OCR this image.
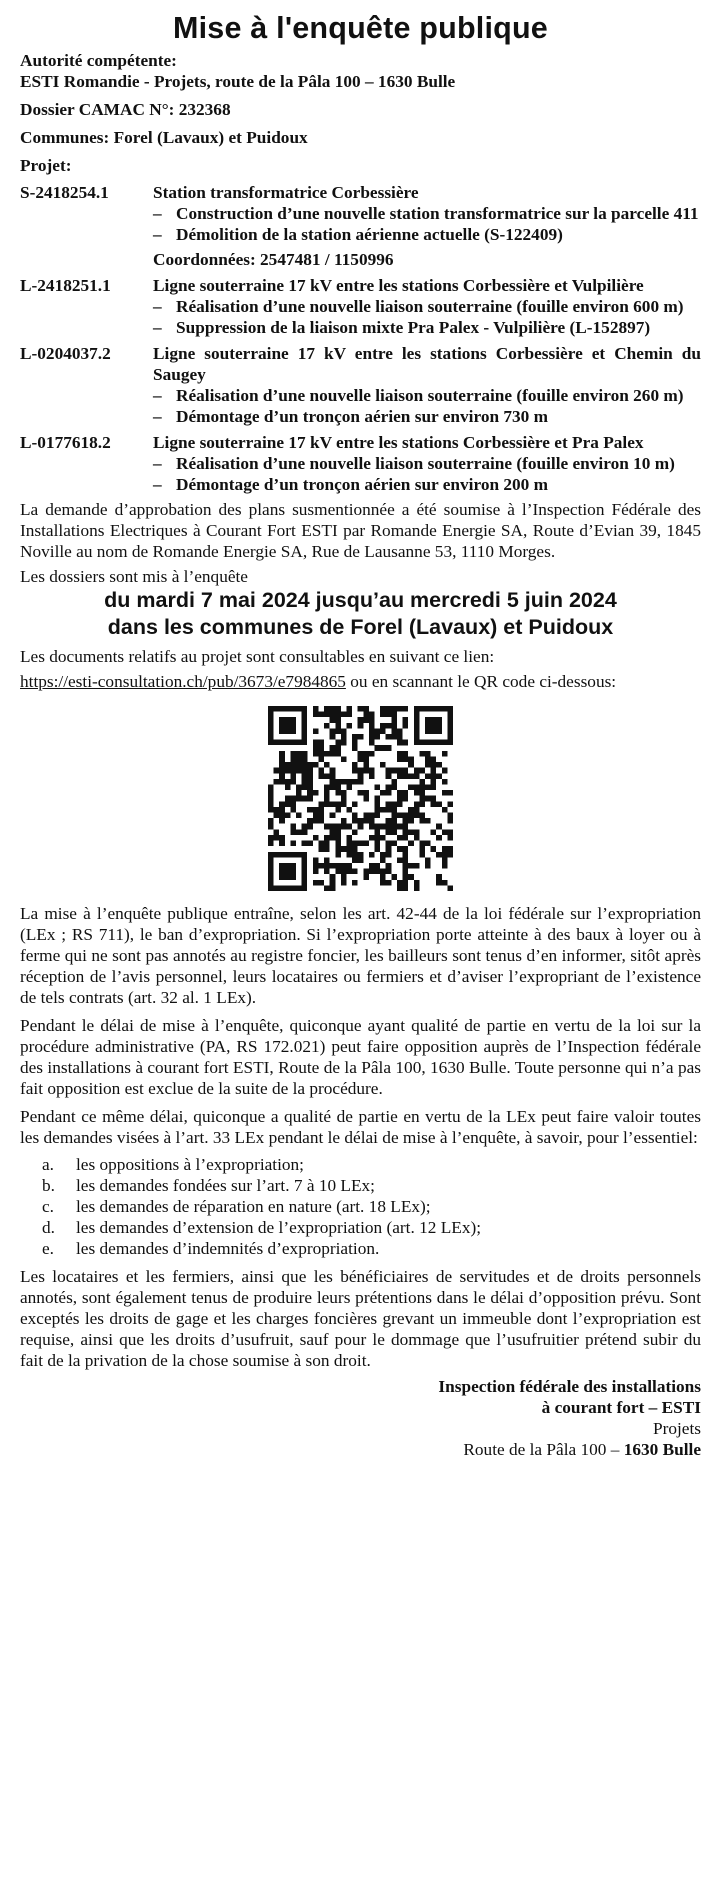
Mise à l'enquête publique
Autorité compétente:
ESTI Romandie - Projets, route de la Pâla 100 – 1630 Bulle
Dossier CAMAC N°: 232368
Communes: Forel (Lavaux) et Puidoux
Projet:
S-2418254.1	Station transformatrice Corbessière
– Construction d’une nouvelle station transformatrice sur la parcelle 411
– Démolition de la station aérienne actuelle (S-122409)
Coordonnées: 2547481 / 1150996
L-2418251.1	Ligne souterraine 17 kV entre les stations Corbessière et Vulpilière
– Réalisation d’une nouvelle liaison souterraine (fouille environ 600 m)
– Suppression de la liaison mixte Pra Palex - Vulpilière (L-152897)
L-0204037.2	Ligne souterraine 17 kV entre les stations Corbessière et Chemin du Saugey
– Réalisation d’une nouvelle liaison souterraine (fouille environ 260 m)
– Démontage d’un tronçon aérien sur environ 730 m
L-0177618.2	Ligne souterraine 17 kV entre les stations Corbessière et Pra Palex
– Réalisation d’une nouvelle liaison souterraine (fouille environ 10 m)
– Démontage d’un tronçon aérien sur environ 200 m
La demande d’approbation des plans susmentionnée a été soumise à l’Inspection Fédérale des Installations Electriques à Courant Fort ESTI par Romande Energie SA, Route d’Evian 39, 1845 Noville au nom de Romande Energie SA, Rue de Lausanne 53, 1110 Morges.
Les dossiers sont mis à l’enquête
du mardi 7 mai 2024 jusqu’au mercredi 5 juin 2024
dans les communes de Forel (Lavaux) et Puidoux
Les documents relatifs au projet sont consultables en suivant ce lien:
https://esti-consultation.ch/pub/3673/e7984865 ou en scannant le QR code ci-dessous:
La mise à l’enquête publique entraîne, selon les art. 42-44 de la loi fédérale sur l’expropriation (LEx ; RS 711), le ban d’expropriation. Si l’expropriation porte atteinte à des baux à loyer ou à ferme qui ne sont pas annotés au registre foncier, les bailleurs sont tenus d’en informer, sitôt après réception de l’avis personnel, leurs locataires ou fermiers et d’aviser l’expropriant de l’existence de tels contrats (art. 32 al. 1 LEx).
Pendant le délai de mise à l’enquête, quiconque ayant qualité de partie en vertu de la loi sur la procédure administrative (PA, RS 172.021) peut faire opposition auprès de l’Inspection fédérale des installations à courant fort ESTI, Route de la Pâla 100, 1630 Bulle. Toute personne qui n’a pas fait opposition est exclue de la suite de la procédure.
Pendant ce même délai, quiconque a qualité de partie en vertu de la LEx peut faire valoir toutes les demandes visées à l’art. 33 LEx pendant le délai de mise à l’enquête, à savoir, pour l’essentiel:
a.	les oppositions à l’expropriation;
b.	les demandes fondées sur l’art. 7 à 10 LEx;
c.	les demandes de réparation en nature (art. 18 LEx);
d.	les demandes d’extension de l’expropriation (art. 12 LEx);
e.	les demandes d’indemnités d’expropriation.
Les locataires et les fermiers, ainsi que les bénéficiaires de servitudes et de droits personnels annotés, sont également tenus de produire leurs prétentions dans le délai d’opposition prévu. Sont exceptés les droits de gage et les charges foncières grevant un immeuble dont l’expropriation est requise, ainsi que les droits d’usufruit, sauf pour le dommage que l’usufruitier prétend subir du fait de la privation de la chose soumise à son droit.
Inspection fédérale des installations
à courant fort – ESTI
Projets
Route de la Pâla 100 – 1630 Bulle
